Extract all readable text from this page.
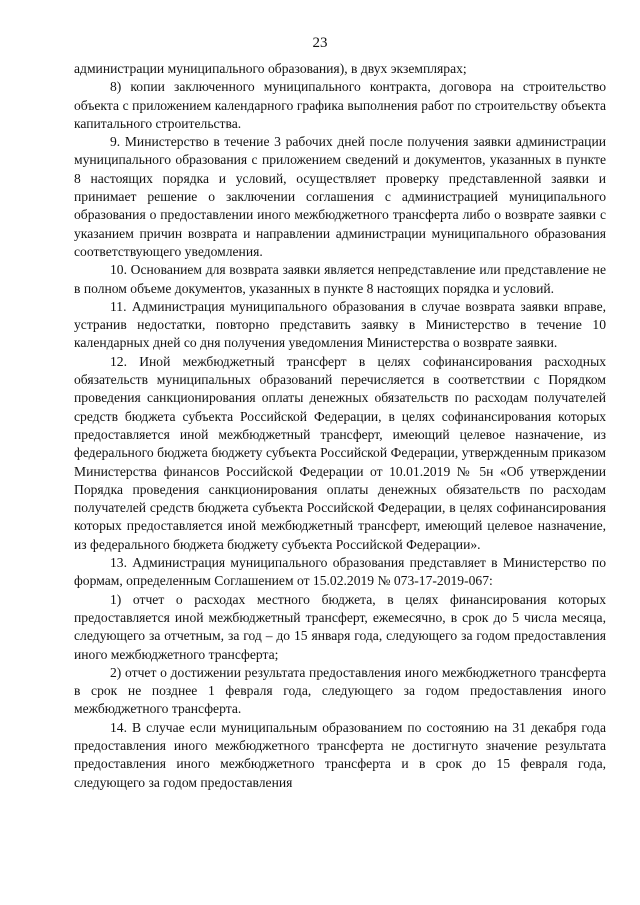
23

администрации муниципального образования), в двух экземплярах;

8) копии заключенного муниципального контракта, договора на строительство объекта с приложением календарного графика выполнения работ по строительству объекта капитального строительства.

9. Министерство в течение 3 рабочих дней после получения заявки администрации муниципального образования с приложением сведений и документов, указанных в пункте 8 настоящих порядка и условий, осуществляет проверку представленной заявки и принимает решение о заключении соглашения с администрацией муниципального образования о предоставлении иного межбюджетного трансферта либо о возврате заявки с указанием причин возврата и направлении администрации муниципального образования соответствующего уведомления.

10. Основанием для возврата заявки является непредставление или представление не в полном объеме документов, указанных в пункте 8 настоящих порядка и условий.

11. Администрация муниципального образования в случае возврата заявки вправе, устранив недостатки, повторно представить заявку в Министерство в течение 10 календарных дней со дня получения уведомления Министерства о возврате заявки.

12. Иной межбюджетный трансферт в целях софинансирования расходных обязательств муниципальных образований перечисляется в соответствии с Порядком проведения санкционирования оплаты денежных обязательств по расходам получателей средств бюджета субъекта Российской Федерации, в целях софинансирования которых предоставляется иной межбюджетный трансферт, имеющий целевое назначение, из федерального бюджета бюджету субъекта Российской Федерации, утвержденным приказом Министерства финансов Российской Федерации от 10.01.2019 № 5н «Об утверждении Порядка проведения санкционирования оплаты денежных обязательств по расходам получателей средств бюджета субъекта Российской Федерации, в целях софинансирования которых предоставляется иной межбюджетный трансферт, имеющий целевое назначение, из федерального бюджета бюджету субъекта Российской Федерации».

13. Администрация муниципального образования представляет в Министерство по формам, определенным Соглашением от 15.02.2019 № 073-17-2019-067:

1) отчет о расходах местного бюджета, в целях финансирования которых предоставляется иной межбюджетный трансферт, ежемесячно, в срок до 5 числа месяца, следующего за отчетным, за год – до 15 января года, следующего за годом предоставления иного межбюджетного трансферта;

2) отчет о достижении результата предоставления иного межбюджетного трансферта в срок не позднее 1 февраля года, следующего за годом предоставления иного межбюджетного трансферта.

14. В случае если муниципальным образованием по состоянию на 31 декабря года предоставления иного межбюджетного трансферта не достигнуто значение результата предоставления иного межбюджетного трансферта и в срок до 15 февраля года, следующего за годом предоставления
